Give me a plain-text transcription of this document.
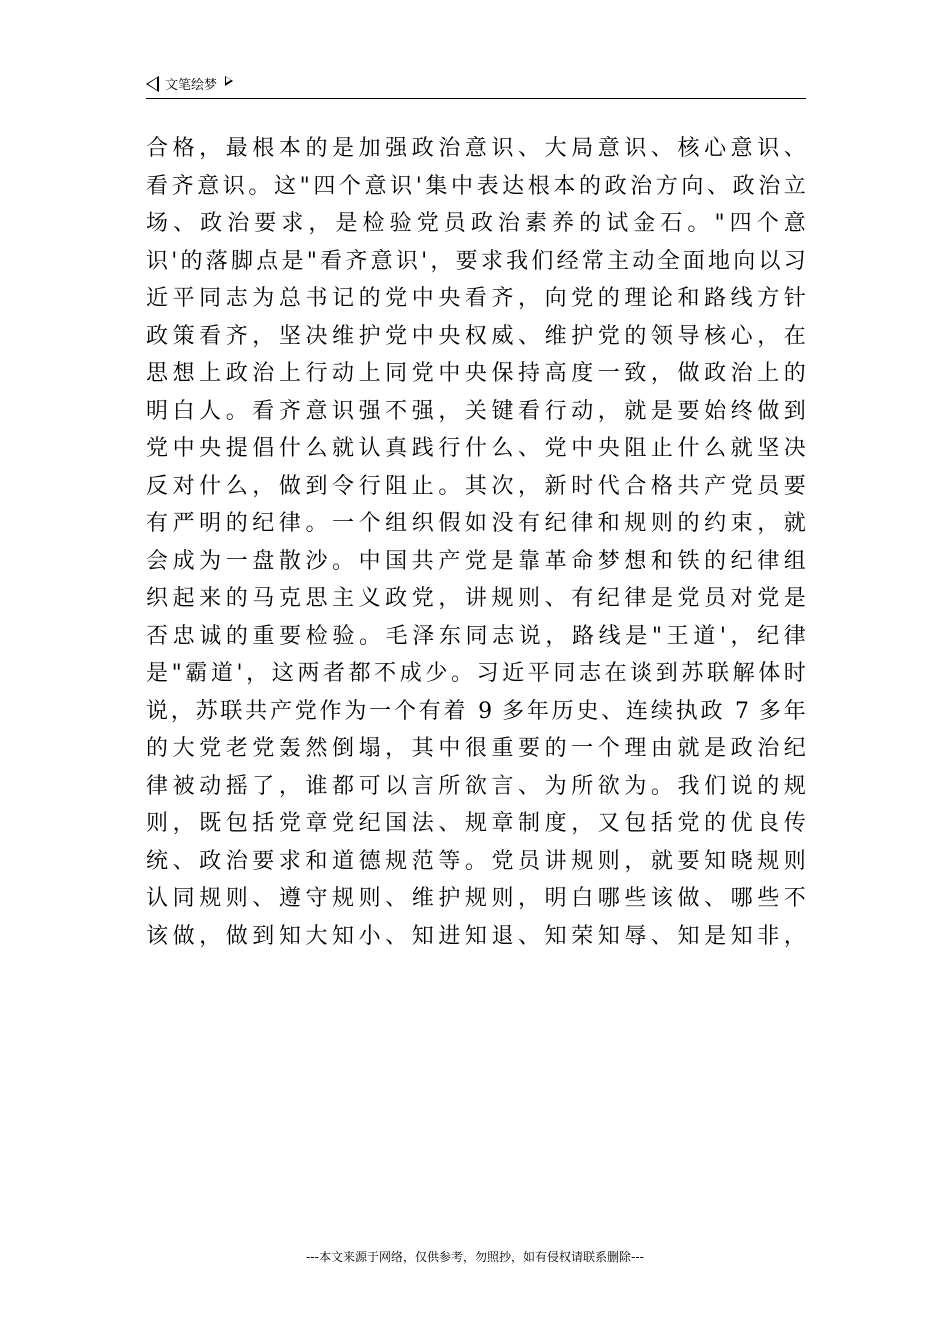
文笔绘梦
合格，最根本的是加强政治意识、大局意识、核心意识、
看齐意识。这"四个意识'集中表达根本的政治方向、政治立
场、政治要求，是检验党员政治素养的试金石。"四个意
识'的落脚点是"看齐意识'，要求我们经常主动全面地向以习
近平同志为总书记的党中央看齐，向党的理论和路线方针
政策看齐，坚决维护党中央权威、维护党的领导核心，在
思想上政治上行动上同党中央保持高度一致，做政治上的
明白人。看齐意识强不强，关键看行动，就是要始终做到
党中央提倡什么就认真践行什么、党中央阻止什么就坚决
反对什么，做到令行阻止。其次，新时代合格共产党员要
有严明的纪律。一个组织假如没有纪律和规则的约束，就
会成为一盘散沙。中国共产党是靠革命梦想和铁的纪律组
织起来的马克思主义政党，讲规则、有纪律是党员对党是
否忠诚的重要检验。毛泽东同志说，路线是"王道'，纪律
是"霸道'，这两者都不成少。习近平同志在谈到苏联解体时
说，苏联共产党作为一个有着 9 多年历史、连续执政 7 多年
的大党老党轰然倒塌，其中很重要的一个理由就是政治纪
律被动摇了，谁都可以言所欲言、为所欲为。我们说的规
则，既包括党章党纪国法、规章制度，又包括党的优良传
统、政治要求和道德规范等。党员讲规则，就要知晓规则
认同规则、遵守规则、维护规则，明白哪些该做、哪些不
该做，做到知大知小、知进知退、知荣知辱、知是知非，
---本文来源于网络，仅供参考，勿照抄，如有侵权请联系删除---
